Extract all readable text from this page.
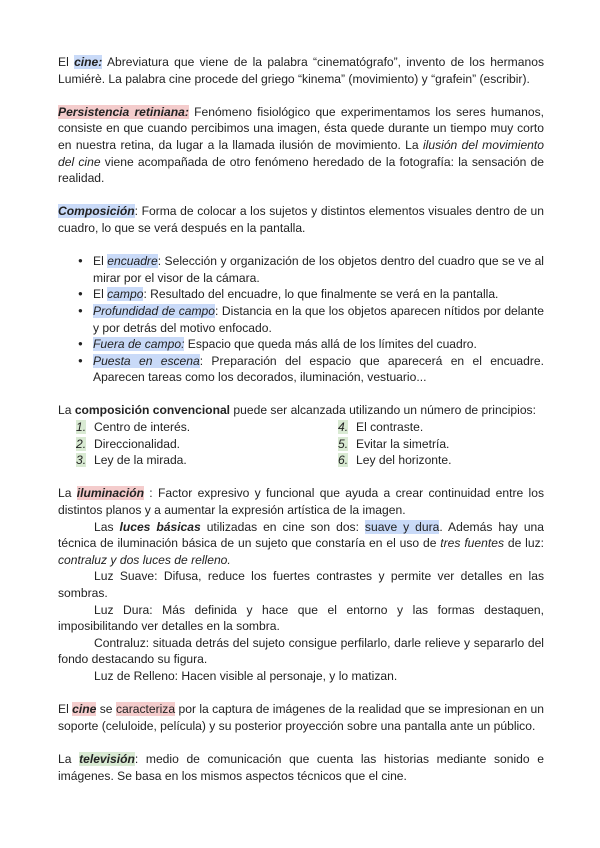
El cine: Abreviatura que viene de la palabra “cinematógrafo”, invento de los hermanos Lumiérè. La palabra cine procede del griego “kinema” (movimiento) y “grafein” (escribir).

Persistencia retiniana: Fenómeno fisiológico que experimentamos los seres humanos, consiste en que cuando percibimos una imagen, ésta quede durante un tiempo muy corto en nuestra retina, da lugar a la llamada ilusión de movimiento. La ilusión del movimiento del cine viene acompañada de otro fenómeno heredado de la fotografía: la sensación de realidad.

Composición: Forma de colocar a los sujetos y distintos elementos visuales dentro de un cuadro, lo que se verá después en la pantalla.

● El encuadre: Selección y organización de los objetos dentro del cuadro que se ve al mirar por el visor de la cámara.
● El campo: Resultado del encuadre, lo que finalmente se verá en la pantalla.
● Profundidad de campo: Distancia en la que los objetos aparecen nítidos por delante y por detrás del motivo enfocado.
● Fuera de campo: Espacio que queda más allá de los límites del cuadro.
● Puesta en escena: Preparación del espacio que aparecerá en el encuadre. Aparecen tareas como los decorados, iluminación, vestuario...

La composición convencional puede ser alcanzada utilizando un número de principios:

1. Centro de interés.
2. Direccionalidad.
3. Ley de la mirada.
4. El contraste.
5. Evitar la simetría.
6. Ley del horizonte.

La iluminación : Factor expresivo y funcional que ayuda a crear continuidad entre los distintos planos y a aumentar la expresión artística de la imagen.

Las luces básicas utilizadas en cine son dos: suave y dura. Además hay una técnica de iluminación básica de un sujeto que constaría en el uso de tres fuentes de luz: contraluz y dos luces de relleno.

Luz Suave: Difusa, reduce los fuertes contrastes y permite ver detalles en las sombras.

Luz Dura: Más definida y hace que el entorno y las formas destaquen, imposibilitando ver detalles en la sombra.

Contraluz: situada detrás del sujeto consigue perfilarlo, darle relieve y separarlo del fondo destacando su figura.

Luz de Relleno: Hacen visible al personaje, y lo matizan.

El cine se caracteriza por la captura de imágenes de la realidad que se impresionan en un soporte (celuloide, película) y su posterior proyección sobre una pantalla ante un público.

La televisión: medio de comunicación que cuenta las historias mediante sonido e imágenes. Se basa en los mismos aspectos técnicos que el cine.
